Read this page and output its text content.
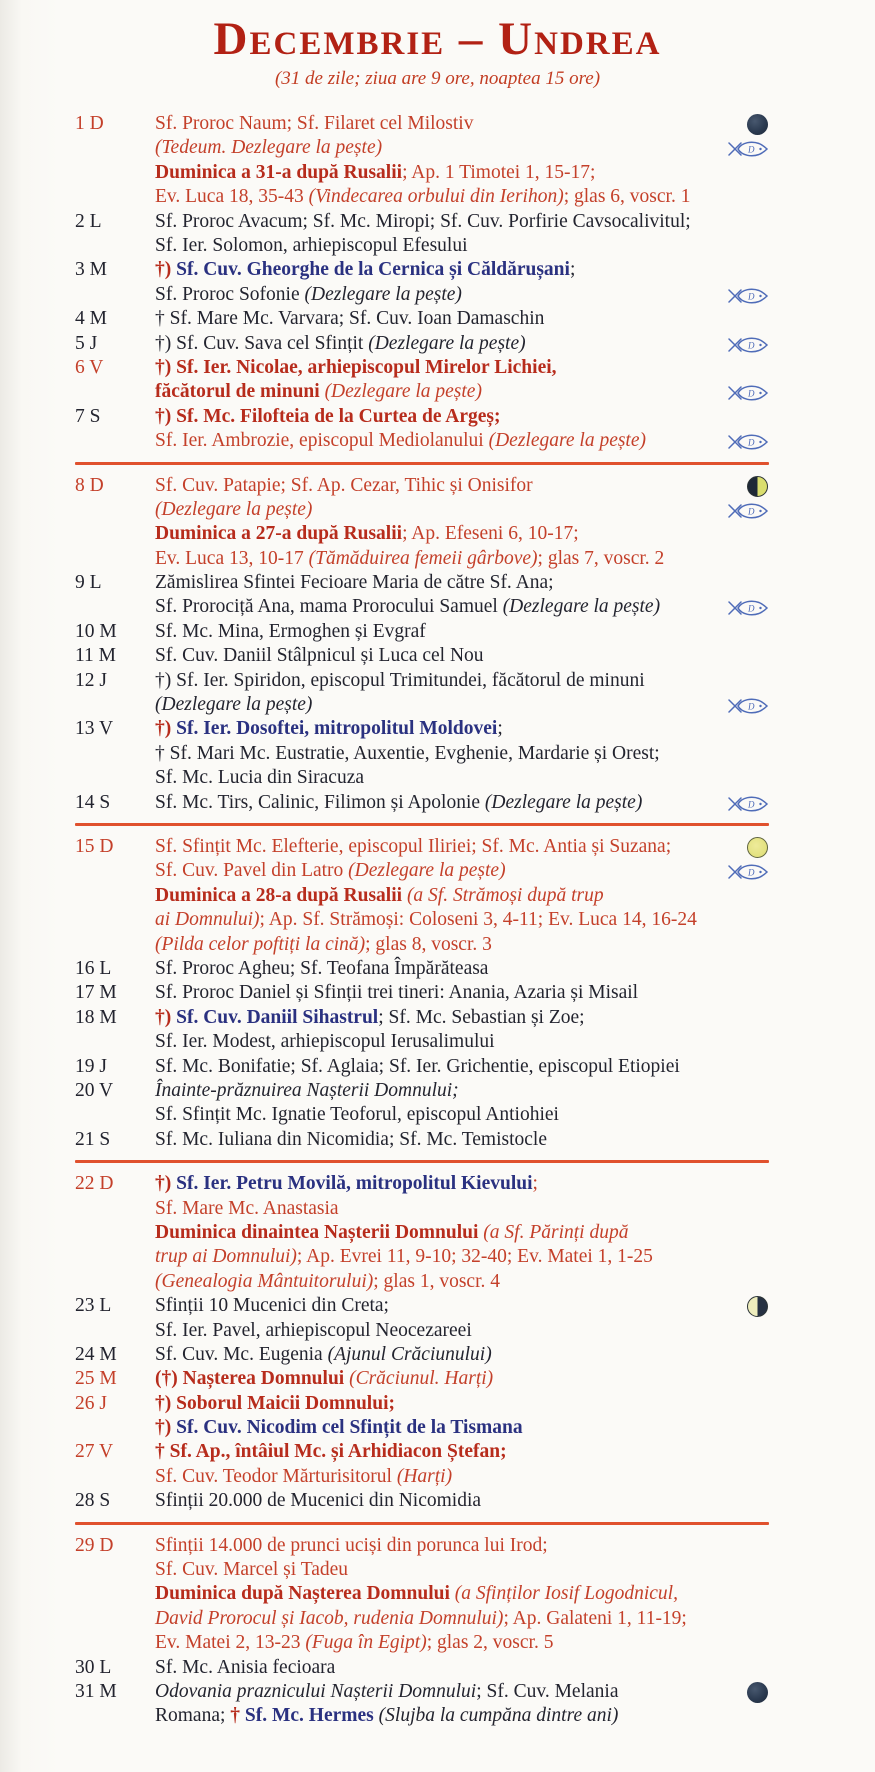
Decembrie – Undrea
(31 de zile; ziua are 9 ore, noaptea 15 ore)
1 D	Sf. Proroc Naum; Sf. Filaret cel Milostiv
(Tedeum. Dezlegare la pește)	D
Duminica a 31-a după Rusalii; Ap. 1 Timotei 1, 15-17;
Ev. Luca 18, 35-43 (Vindecarea orbului din Ierihon); glas 6, voscr. 1
2 L	Sf. Proroc Avacum; Sf. Mc. Miropi; Sf. Cuv. Porfirie Cavsocalivitul;
Sf. Ier. Solomon, arhiepiscopul Efesului
3 M	†) Sf. Cuv. Gheorghe de la Cernica și Căldărușani;
Sf. Proroc Sofonie (Dezlegare la pește)	D
4 M	† Sf. Mare Mc. Varvara; Sf. Cuv. Ioan Damaschin
5 J	†) Sf. Cuv. Sava cel Sfințit (Dezlegare la pește)	D
6 V	†) Sf. Ier. Nicolae, arhiepiscopul Mirelor Lichiei,
făcătorul de minuni (Dezlegare la pește)	D
7 S	†) Sf. Mc. Filofteia de la Curtea de Argeș;
Sf. Ier. Ambrozie, episcopul Mediolanului (Dezlegare la pește)	D
8 D	Sf. Cuv. Patapie; Sf. Ap. Cezar, Tihic și Onisifor
(Dezlegare la pește)	D
Duminica a 27-a după Rusalii; Ap. Efeseni 6, 10-17;
Ev. Luca 13, 10-17 (Tămăduirea femeii gârbove); glas 7, voscr. 2
9 L	Zămislirea Sfintei Fecioare Maria de către Sf. Ana;
Sf. Prorociță Ana, mama Prorocului Samuel (Dezlegare la pește)	D
10 M	Sf. Mc. Mina, Ermoghen și Evgraf
11 M	Sf. Cuv. Daniil Stâlpnicul și Luca cel Nou
12 J	†) Sf. Ier. Spiridon, episcopul Trimitundei, făcătorul de minuni
(Dezlegare la pește)	D
13 V	†) Sf. Ier. Dosoftei, mitropolitul Moldovei;
† Sf. Mari Mc. Eustratie, Auxentie, Evghenie, Mardarie și Orest;
Sf. Mc. Lucia din Siracuza
14 S	Sf. Mc. Tirs, Calinic, Filimon și Apolonie (Dezlegare la pește)	D
15 D	Sf. Sfințit Mc. Elefterie, episcopul Iliriei; Sf. Mc. Antia și Suzana;
Sf. Cuv. Pavel din Latro (Dezlegare la pește)	D
Duminica a 28-a după Rusalii (a Sf. Strămoși după trup
ai Domnului); Ap. Sf. Strămoși: Coloseni 3, 4-11; Ev. Luca 14, 16-24
(Pilda celor poftiți la cină); glas 8, voscr. 3
16 L	Sf. Proroc Agheu; Sf. Teofana Împărăteasa
17 M	Sf. Proroc Daniel și Sfinții trei tineri: Anania, Azaria și Misail
18 M	†) Sf. Cuv. Daniil Sihastrul; Sf. Mc. Sebastian și Zoe;
Sf. Ier. Modest, arhiepiscopul Ierusalimului
19 J	Sf. Mc. Bonifatie; Sf. Aglaia; Sf. Ier. Grichentie, episcopul Etiopiei
20 V	Înainte-prăznuirea Nașterii Domnului;
Sf. Sfințit Mc. Ignatie Teoforul, episcopul Antiohiei
21 S	Sf. Mc. Iuliana din Nicomidia; Sf. Mc. Temistocle
22 D	†) Sf. Ier. Petru Movilă, mitropolitul Kievului;
Sf. Mare Mc. Anastasia
Duminica dinaintea Nașterii Domnului (a Sf. Părinți după
trup ai Domnului); Ap. Evrei 11, 9-10; 32-40; Ev. Matei 1, 1-25
(Genealogia Mântuitorului); glas 1, voscr. 4
23 L	Sfinții 10 Mucenici din Creta;
Sf. Ier. Pavel, arhiepiscopul Neocezareei
24 M	Sf. Cuv. Mc. Eugenia (Ajunul Crăciunului)
25 M	(†) Nașterea Domnului (Crăciunul. Harți)
26 J	†) Soborul Maicii Domnului;
†) Sf. Cuv. Nicodim cel Sfințit de la Tismana
27 V	† Sf. Ap., întâiul Mc. și Arhidiacon Ștefan;
Sf. Cuv. Teodor Mărturisitorul (Harți)
28 S	Sfinții 20.000 de Mucenici din Nicomidia
29 D	Sfinții 14.000 de prunci uciși din porunca lui Irod;
Sf. Cuv. Marcel și Tadeu
Duminica după Nașterea Domnului (a Sfinților Iosif Logodnicul,
David Prorocul și Iacob, rudenia Domnului); Ap. Galateni 1, 11-19;
Ev. Matei 2, 13-23 (Fuga în Egipt); glas 2, voscr. 5
30 L	Sf. Mc. Anisia fecioara
31 M	Odovania praznicului Nașterii Domnului; Sf. Cuv. Melania
Romana; † Sf. Mc. Hermes (Slujba la cumpăna dintre ani)
